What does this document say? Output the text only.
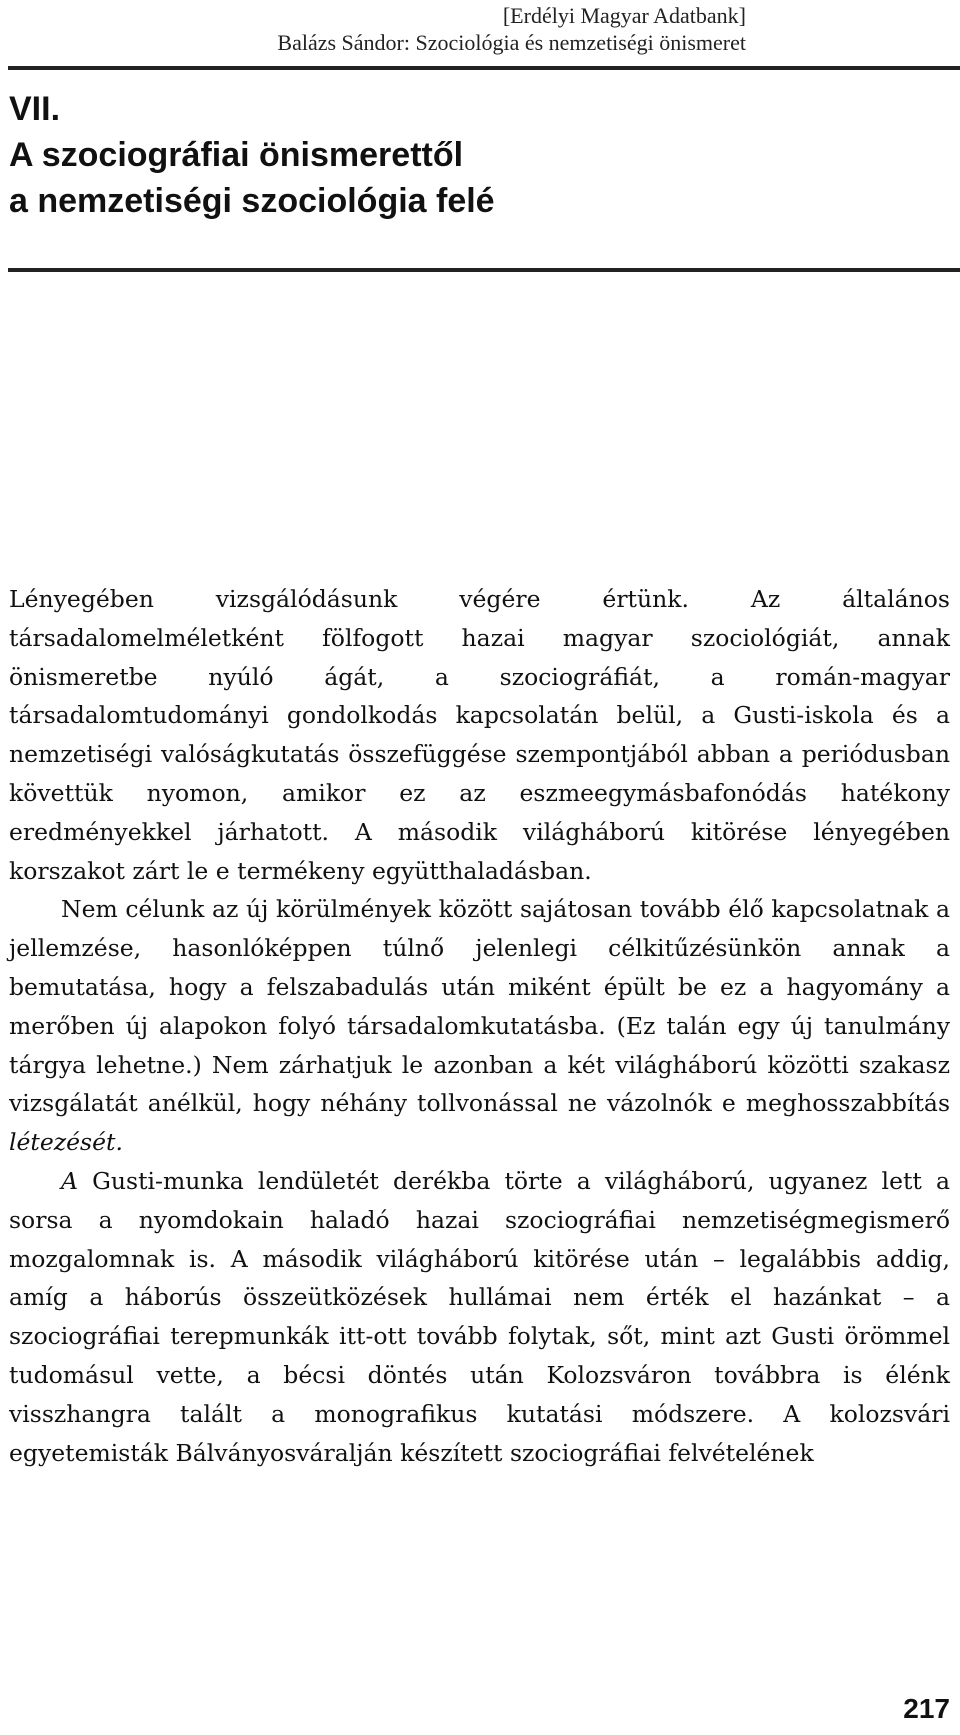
[Erdélyi Magyar Adatbank]
Balázs Sándor: Szociológia és nemzetiségi önismeret
VII.
A szociográfiai önismerettől
a nemzetiségi szociológia felé

Lényegében vizsgálódásunk végére értünk. Az általános társadalomelméletként fölfogott hazai magyar szociológiát, annak önismeretbe nyúló ágát, a szociográfiát, a román-magyar társadalomtudományi gondolkodás kapcsolatán belül, a Gusti-iskola és a nemzetiségi valóságkutatás összefüggése szempontjából abban a periódusban követtük nyomon, amikor ez az eszmeegymásbafonódás hatékony eredményekkel járhatott. A második világháború kitörése lényegében korszakot zárt le e termékeny együtthaladásban.

Nem célunk az új körülmények között sajátosan tovább élő kapcsolatnak a jellemzése, hasonlóképpen túlnő jelenlegi célkitűzésünkön annak a bemutatása, hogy a felszabadulás után miként épült be ez a hagyomány a merőben új alapokon folyó társadalomkutatásba. (Ez talán egy új tanulmány tárgya lehetne.) Nem zárhatjuk le azonban a két világháború közötti szakasz vizsgálatát anélkül, hogy néhány tollvonással ne vázolnók e meghosszabbítás létezését.

A Gusti-munka lendületét derékba törte a világháború, ugyanez lett a sorsa a nyomdokain haladó hazai szociográfiai nemzetiségmegismerő mozgalomnak is. A második világháború kitörése után – legalábbis addig, amíg a háborús összeütközések hullámai nem érték el hazánkat – a szociográfiai terepmunkák itt-ott tovább folytak, sőt, mint azt Gusti örömmel tudomásul vette, a bécsi döntés után Kolozsváron továbbra is élénk visszhangra talált a monografikus kutatási módszere. A kolozsvári egyetemisták Bálványosváralján készített szociográfiai felvételének

217
